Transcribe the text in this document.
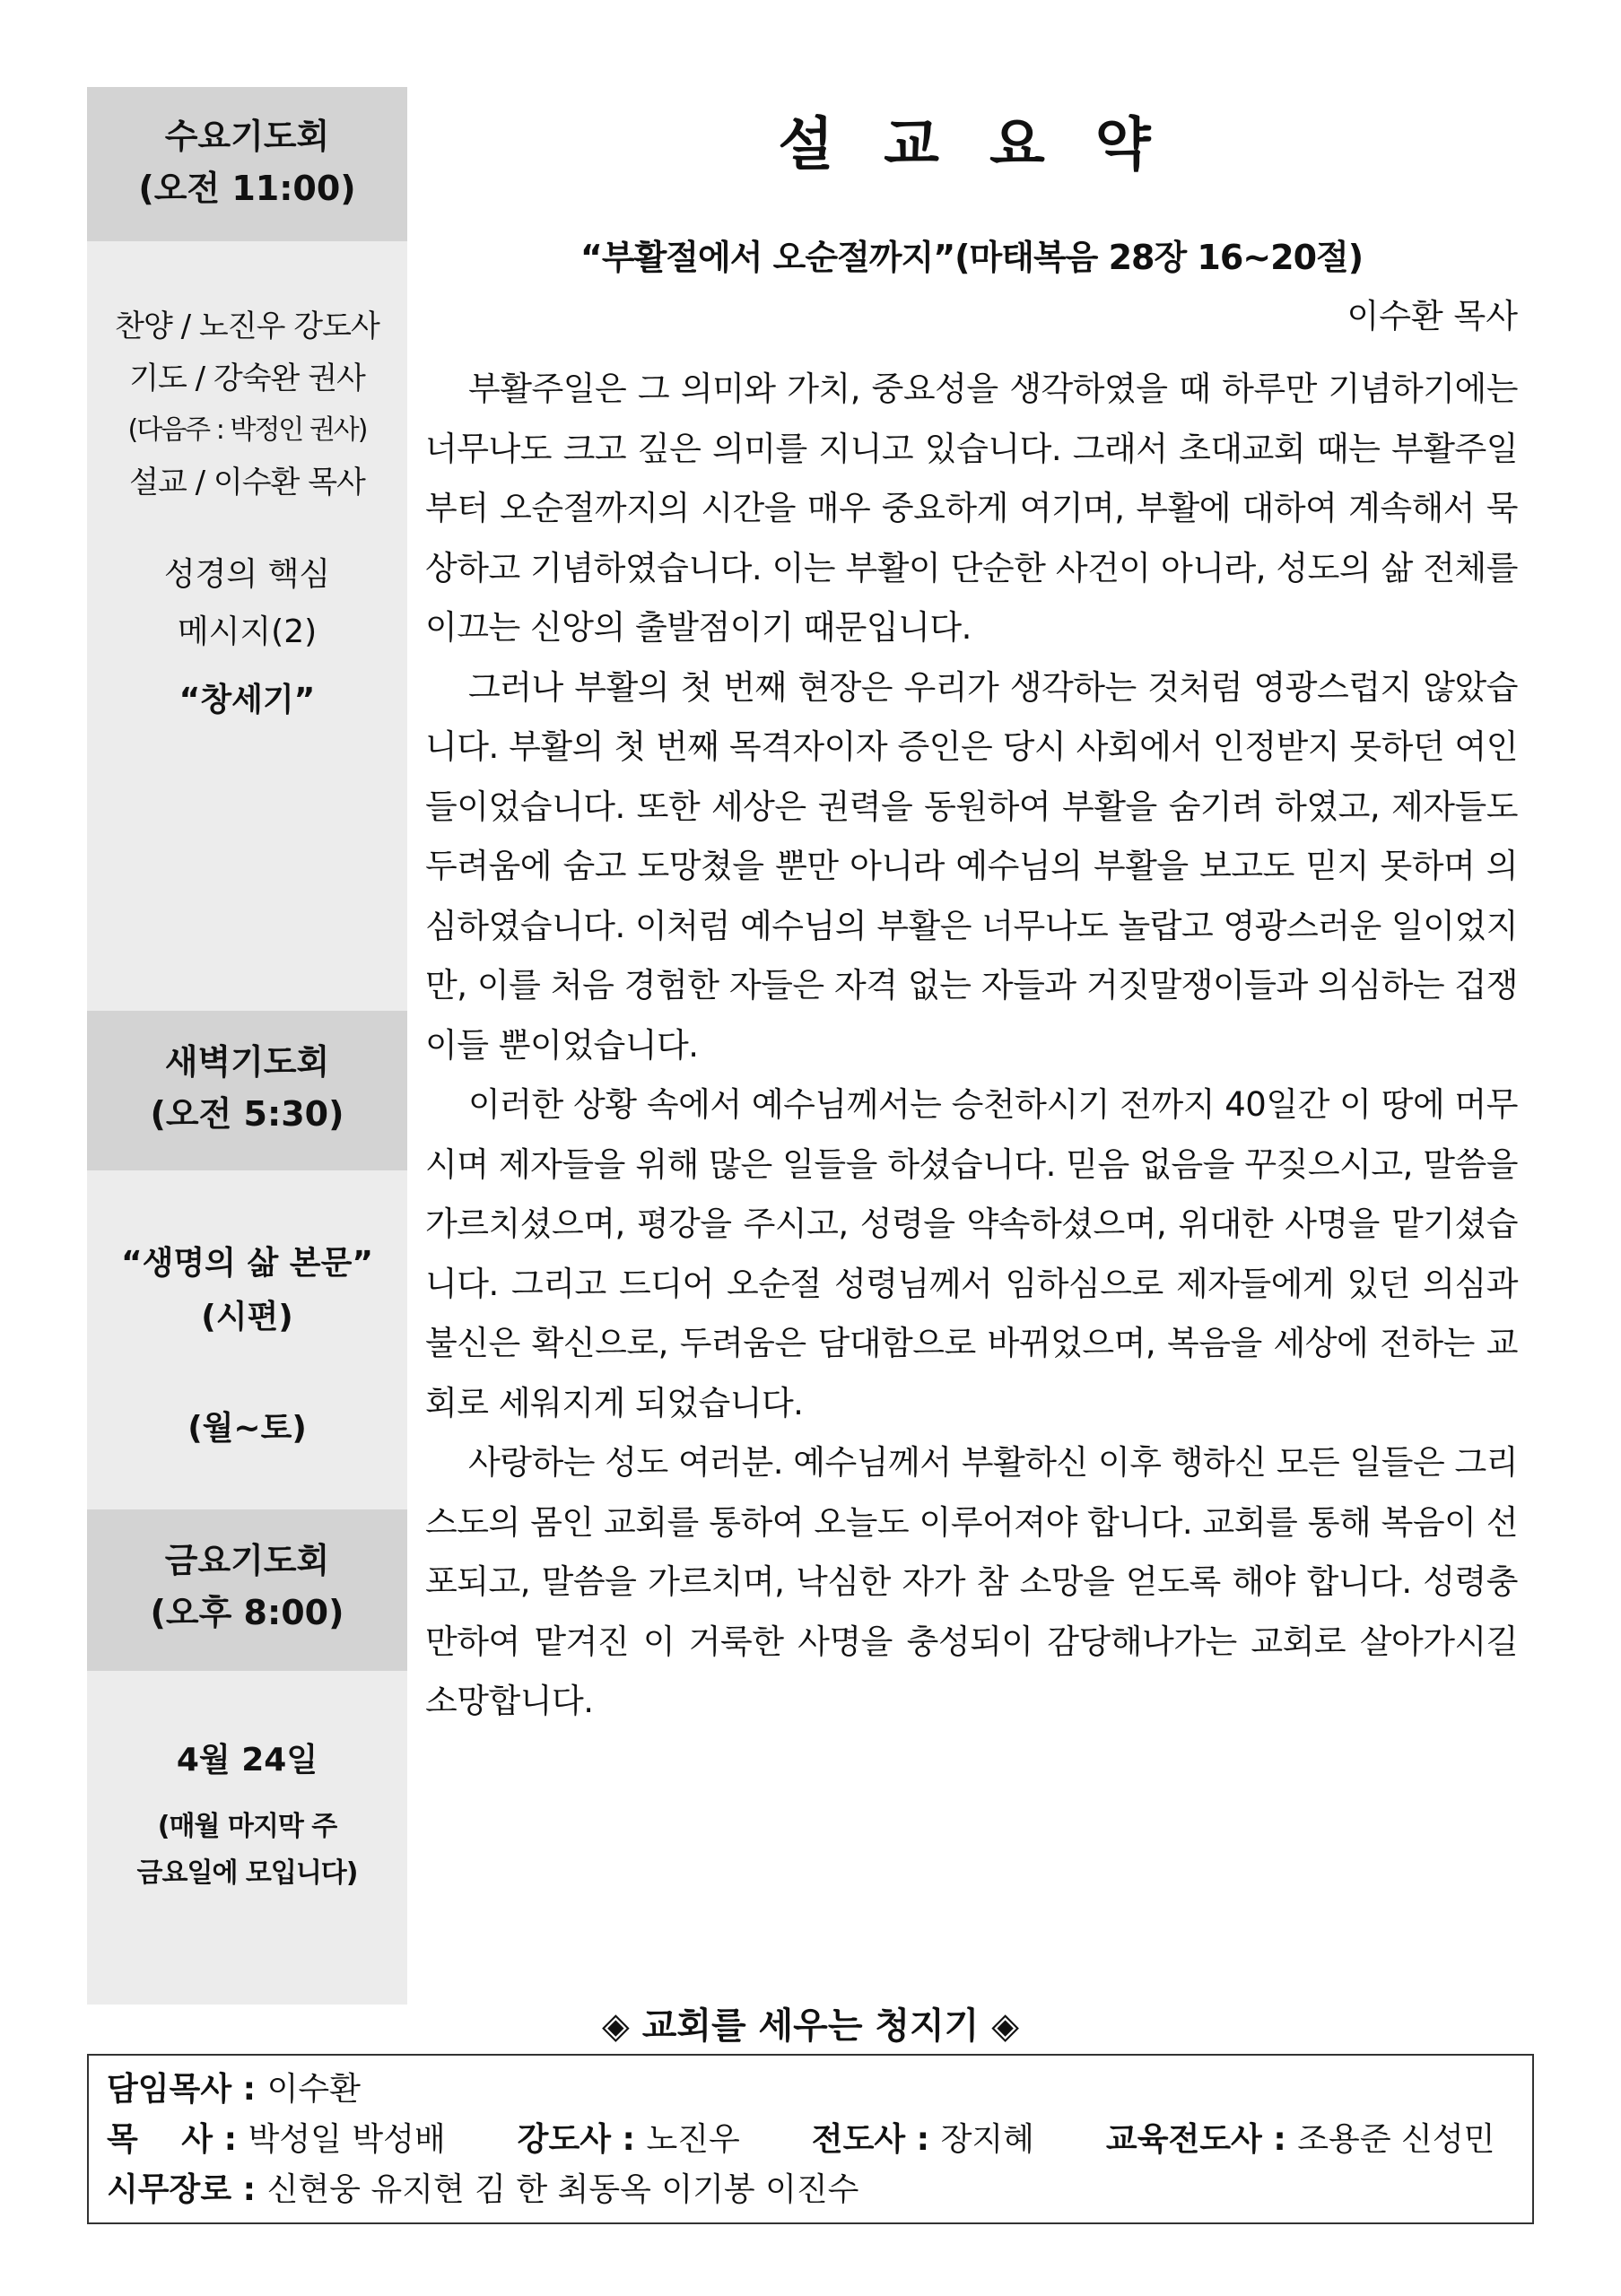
수요기도회
(오전 11:00)
찬양 / 노진우 강도사
기도 / 강숙완 권사
(다음주 : 박정인 권사)
설교 / 이수환 목사
성경의 핵심
메시지(2)
“창세기”
새벽기도회
(오전 5:30)
“생명의 삶 본문”
(시편)
(월~토)
금요기도회
(오후 8:00)
4월 24일
(매월 마지막 주
금요일에 모입니다)
설교요약
“부활절에서 오순절까지”(마태복음 28장 16~20절)
이수환 목사

부활주일은 그 의미와 가치, 중요성을 생각하였을 때 하루만 기념하기에는 너무나도 크고 깊은 의미를 지니고 있습니다. 그래서 초대교회 때는 부활주일부터 오순절까지의 시간을 매우 중요하게 여기며, 부활에 대하여 계속해서 묵상하고 기념하였습니다. 이는 부활이 단순한 사건이 아니라, 성도의 삶 전체를 이끄는 신앙의 출발점이기 때문입니다.

그러나 부활의 첫 번째 현장은 우리가 생각하는 것처럼 영광스럽지 않았습니다. 부활의 첫 번째 목격자이자 증인은 당시 사회에서 인정받지 못하던 여인들이었습니다. 또한 세상은 권력을 동원하여 부활을 숨기려 하였고, 제자들도 두려움에 숨고 도망쳤을 뿐만 아니라 예수님의 부활을 보고도 믿지 못하며 의심하였습니다. 이처럼 예수님의 부활은 너무나도 놀랍고 영광스러운 일이었지만, 이를 처음 경험한 자들은 자격 없는 자들과 거짓말쟁이들과 의심하는 겁쟁이들 뿐이었습니다.

이러한 상황 속에서 예수님께서는 승천하시기 전까지 40일간 이 땅에 머무시며 제자들을 위해 많은 일들을 하셨습니다. 믿음 없음을 꾸짖으시고, 말씀을 가르치셨으며, 평강을 주시고, 성령을 약속하셨으며, 위대한 사명을 맡기셨습니다. 그리고 드디어 오순절 성령님께서 임하심으로 제자들에게 있던 의심과 불신은 확신으로, 두려움은 담대함으로 바뀌었으며, 복음을 세상에 전하는 교회로 세워지게 되었습니다.

사랑하는 성도 여러분. 예수님께서 부활하신 이후 행하신 모든 일들은 그리스도의 몸인 교회를 통하여 오늘도 이루어져야 합니다. 교회를 통해 복음이 선포되고, 말씀을 가르치며, 낙심한 자가 참 소망을 얻도록 해야 합니다. 성령충만하여 맡겨진 이 거룩한 사명을 충성되이 감당해나가는 교회로 살아가시길 소망합니다.

◈ 교회를 세우는 청지기 ◈
담임목사 : 이수환
목　 사 : 박성일 박성배 강도사 : 노진우 전도사 : 장지혜 교육전도사 : 조용준 신성민
시무장로 : 신현웅 유지현 김 한 최동옥 이기봉 이진수
